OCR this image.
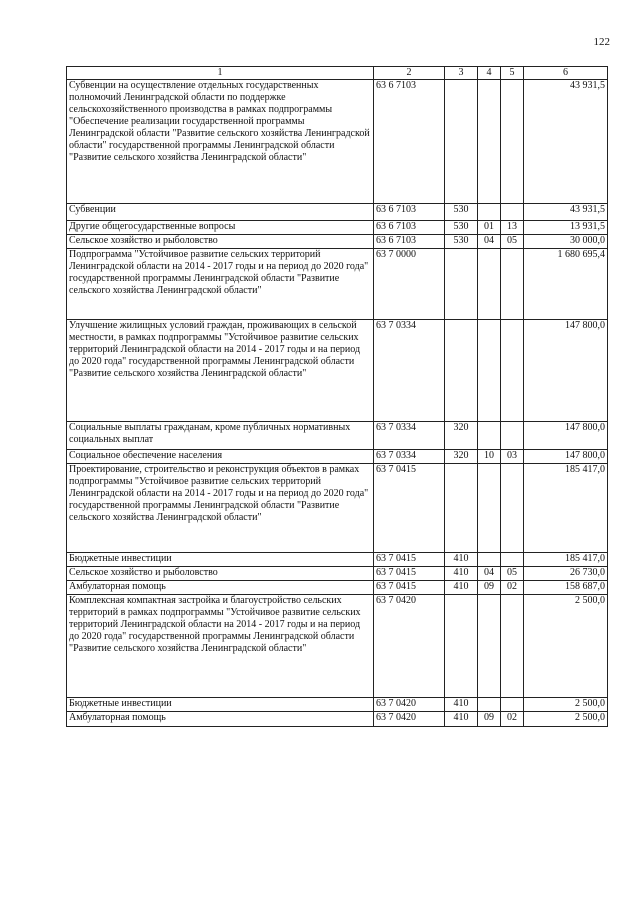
122
1	2	3	4	5	6
Субвенции на осуществление отдельных государственных полномочий Ленинградской области по поддержке сельскохозяйственного производства в рамках подпрограммы "Обеспечение реализации государственной программы Ленинградской области "Развитие сельского хозяйства Ленинградской области" государственной программы Ленинградской области "Развитие сельского хозяйства Ленинградской области"	63 6 7103				43 931,5
Субвенции	63 6 7103	530			43 931,5
Другие общегосударственные вопросы	63 6 7103	530	01	13	13 931,5
Сельское хозяйство и рыболовство	63 6 7103	530	04	05	30 000,0
Подпрограмма "Устойчивое развитие сельских территорий Ленинградской области на 2014 - 2017 годы и на период до 2020 года" государственной программы Ленинградской области "Развитие сельского хозяйства Ленинградской области"	63 7 0000				1 680 695,4
Улучшение жилищных условий граждан, проживающих в сельской местности, в рамках подпрограммы "Устойчивое развитие сельских территорий Ленинградской области на 2014 - 2017 годы и на период до 2020 года" государственной программы Ленинградской области "Развитие сельского хозяйства Ленинградской области"	63 7 0334				147 800,0
Социальные выплаты гражданам, кроме публичных нормативных социальных выплат	63 7 0334	320			147 800,0
Социальное обеспечение населения	63 7 0334	320	10	03	147 800,0
Проектирование, строительство и реконструкция объектов в рамках подпрограммы "Устойчивое развитие сельских территорий Ленинградской области на 2014 - 2017 годы и на период до 2020 года" государственной программы Ленинградской области "Развитие сельского хозяйства Ленинградской области"	63 7 0415				185 417,0
Бюджетные инвестиции	63 7 0415	410			185 417,0
Сельское хозяйство и рыболовство	63 7 0415	410	04	05	26 730,0
Амбулаторная помощь	63 7 0415	410	09	02	158 687,0
Комплексная компактная застройка и благоустройство сельских территорий в рамках подпрограммы "Устойчивое развитие сельских территорий Ленинградской области на 2014 - 2017 годы и на период до 2020 года" государственной программы Ленинградской области "Развитие сельского хозяйства Ленинградской области"	63 7 0420				2 500,0
Бюджетные инвестиции	63 7 0420	410			2 500,0
Амбулаторная помощь	63 7 0420	410	09	02	2 500,0
